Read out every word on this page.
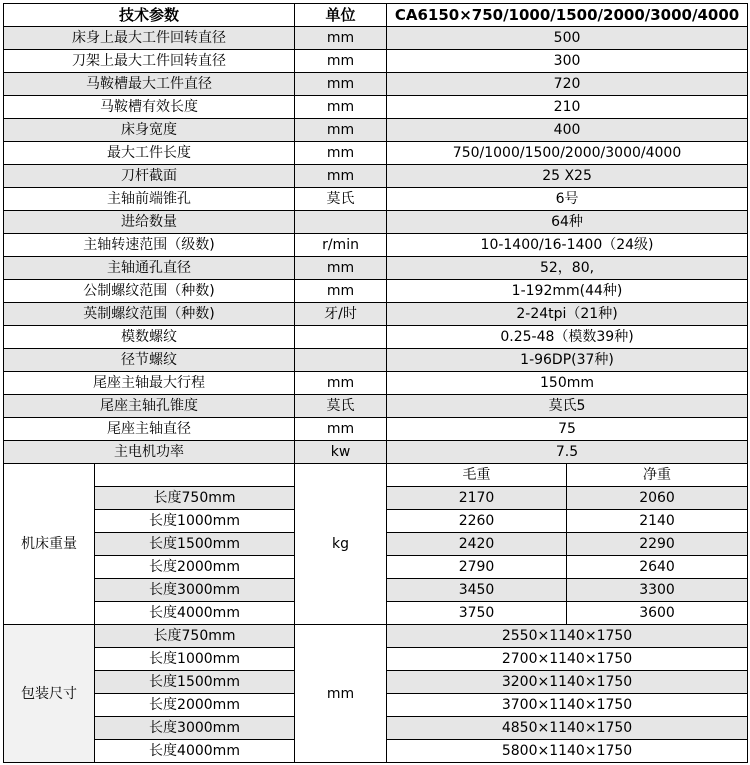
技术参数		单位	CA6150×750/1000/1500/2000/3000/4000	
床身上最大工件回转直径		mm	500	
刀架上最大工件回转直径		mm	300	
马鞍槽最大工件直径		mm	720	
马鞍槽有效长度		mm	210	
床身宽度		mm	400	
最大工件长度		mm	750/1000/1500/2000/3000/4000	
刀杆截面		mm	25 X25	
主轴前端锥孔		莫氏	6号	
进给数量			64种	
主轴转速范围（级数)		r/min	10-1400/16-1400（24级)	
主轴通孔直径		mm	52，80,	
公制螺纹范围（种数)		mm	1-192mm(44种)	
英制螺纹范围（种数)		牙/时	2-24tpi（21种)	
模数螺纹			0.25-48（模数39种)	
径节螺纹			1-96DP(37种)	
尾座主轴最大行程		mm	150mm	
尾座主轴孔锥度		莫氏	莫氏5	
尾座主轴直径		mm	75	
主电机功率		kw	7.5	
机床重量		kg	毛重	净重
	长度750mm		2170	2060
	长度1000mm		2260	2140
	长度1500mm		2420	2290
	长度2000mm		2790	2640
	长度3000mm		3450	3300
	长度4000mm		3750	3600
包装尺寸	长度750mm	mm	2550×1140×1750	
	长度1000mm		2700×1140×1750	
	长度1500mm		3200×1140×1750	
	长度2000mm		3700×1140×1750	
	长度3000mm		4850×1140×1750	
	长度4000mm		5800×1140×1750	
